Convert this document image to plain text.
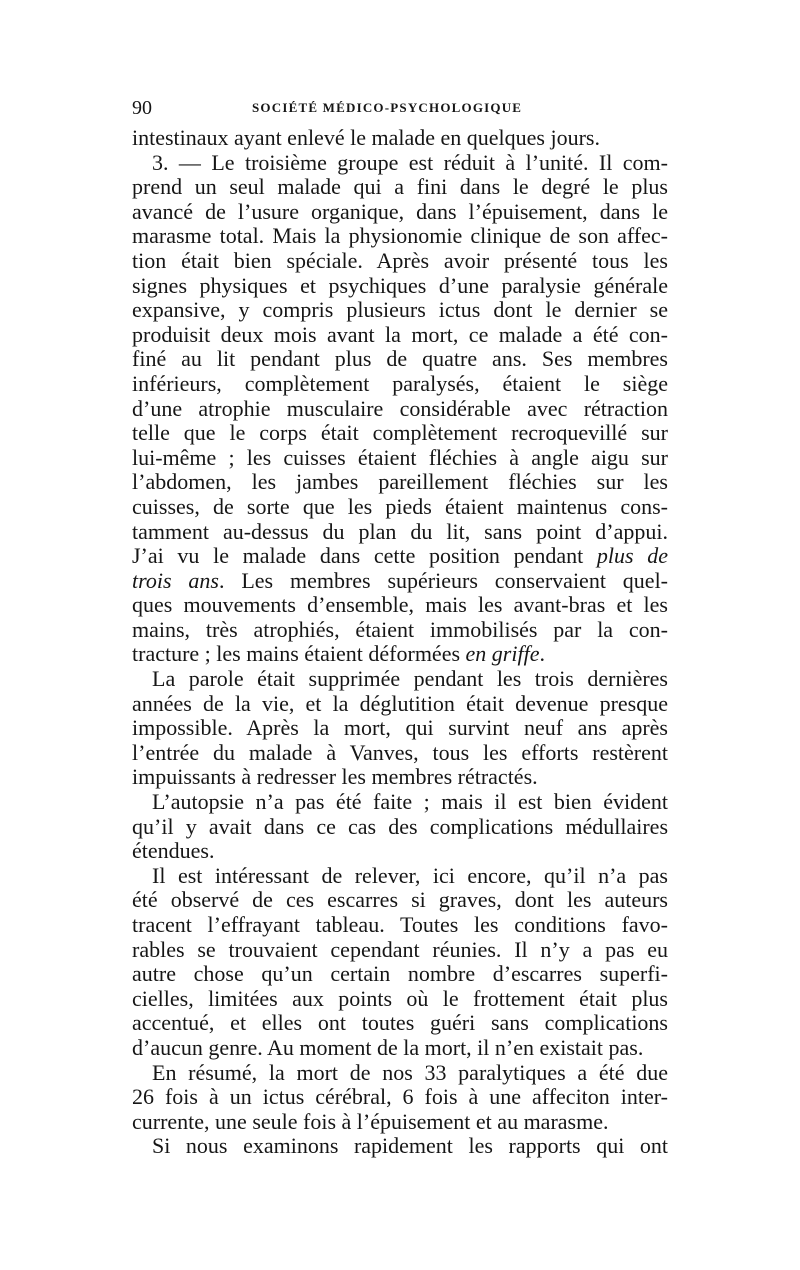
90	SOCIÉTÉ MÉDICO-PSYCHOLOGIQUE
intestinaux ayant enlevé le malade en quelques jours.
3. — Le troisième groupe est réduit à l’unité. Il com-
prend un seul malade qui a fini dans le degré le plus
avancé de l’usure organique, dans l’épuisement, dans le
marasme total. Mais la physionomie clinique de son affec-
tion était bien spéciale. Après avoir présenté tous les
signes physiques et psychiques d’une paralysie générale
expansive, y compris plusieurs ictus dont le dernier se
produisit deux mois avant la mort, ce malade a été con-
finé au lit pendant plus de quatre ans. Ses membres
inférieurs, complètement paralysés, étaient le siège
d’une atrophie musculaire considérable avec rétraction
telle que le corps était complètement recroquevillé sur
lui-même ; les cuisses étaient fléchies à angle aigu sur
l’abdomen, les jambes pareillement fléchies sur les
cuisses, de sorte que les pieds étaient maintenus cons-
tamment au-dessus du plan du lit, sans point d’appui.
J’ai vu le malade dans cette position pendant plus de
trois ans. Les membres supérieurs conservaient quel-
ques mouvements d’ensemble, mais les avant-bras et les
mains, très atrophiés, étaient immobilisés par la con-
tracture ; les mains étaient déformées en griffe.
La parole était supprimée pendant les trois dernières
années de la vie, et la déglutition était devenue presque
impossible. Après la mort, qui survint neuf ans après
l’entrée du malade à Vanves, tous les efforts restèrent
impuissants à redresser les membres rétractés.
L’autopsie n’a pas été faite ; mais il est bien évident
qu’il y avait dans ce cas des complications médullaires
étendues.
Il est intéressant de relever, ici encore, qu’il n’a pas
été observé de ces escarres si graves, dont les auteurs
tracent l’effrayant tableau. Toutes les conditions favo-
rables se trouvaient cependant réunies. Il n’y a pas eu
autre chose qu’un certain nombre d’escarres superfi-
cielles, limitées aux points où le frottement était plus
accentué, et elles ont toutes guéri sans complications
d’aucun genre. Au moment de la mort, il n’en existait pas.
En résumé, la mort de nos 33 paralytiques a été due
26 fois à un ictus cérébral, 6 fois à une affeciton inter-
currente, une seule fois à l’épuisement et au marasme.
Si nous examinons rapidement les rapports qui ont
